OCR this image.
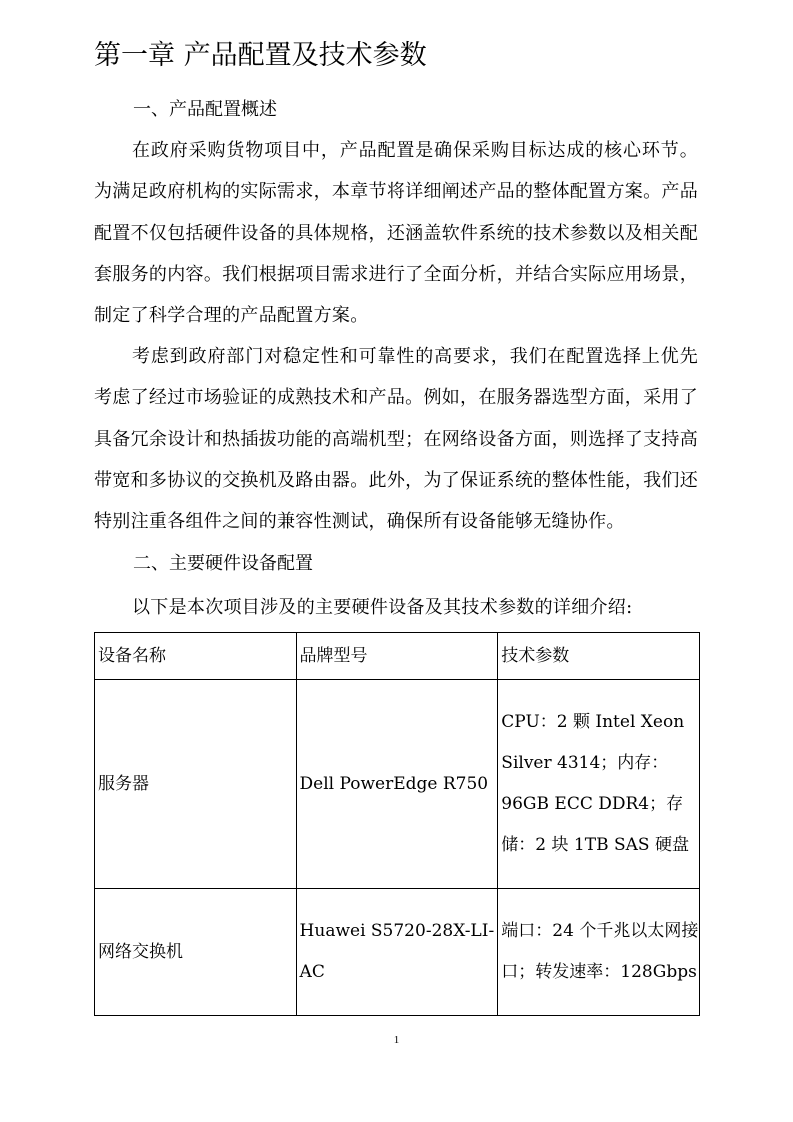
第一章 产品配置及技术参数
一、产品配置概述

在政府采购货物项目中，产品配置是确保采购目标达成的核心环节。为满足政府机构的实际需求，本章节将详细阐述产品的整体配置方案。产品配置不仅包括硬件设备的具体规格，还涵盖软件系统的技术参数以及相关配套服务的内容。我们根据项目需求进行了全面分析，并结合实际应用场景，制定了科学合理的产品配置方案。

考虑到政府部门对稳定性和可靠性的高要求，我们在配置选择上优先考虑了经过市场验证的成熟技术和产品。例如，在服务器选型方面，采用了具备冗余设计和热插拔功能的高端机型；在网络设备方面，则选择了支持高带宽和多协议的交换机及路由器。此外，为了保证系统的整体性能，我们还特别注重各组件之间的兼容性测试，确保所有设备能够无缝协作。

二、主要硬件设备配置

以下是本次项目涉及的主要硬件设备及其技术参数的详细介绍:

设备名称	品牌型号	技术参数
服务器	Dell PowerEdge R750	CPU：2 颗 Intel Xeon Silver 4314；内存：96GB ECC DDR4；存储：2 块 1TB SAS 硬盘
网络交换机	Huawei S5720-28X-LI-AC	端口：24 个千兆以太网接口；转发速率：128Gbps
1
